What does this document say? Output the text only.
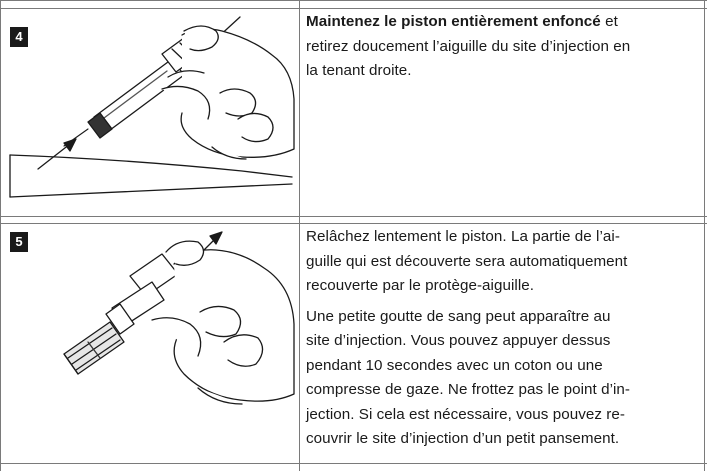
4

Maintenez le piston entièrement enfoncé et
retirez doucement l’aiguille du site d’injection en
la tenant droite.

5	Relâchez lentement le piston. La partie de l’ai-
guille qui est découverte sera automatiquement
recouverte par le protège-aiguille.

Une petite goutte de sang peut apparaître au
site d’injection. Vous pouvez appuyer dessus
pendant 10 secondes avec un coton ou une
compresse de gaze. Ne frottez pas le point d’in-
jection. Si cela est nécessaire, vous pouvez re-
couvrir le site d’injection d’un petit pansement.
